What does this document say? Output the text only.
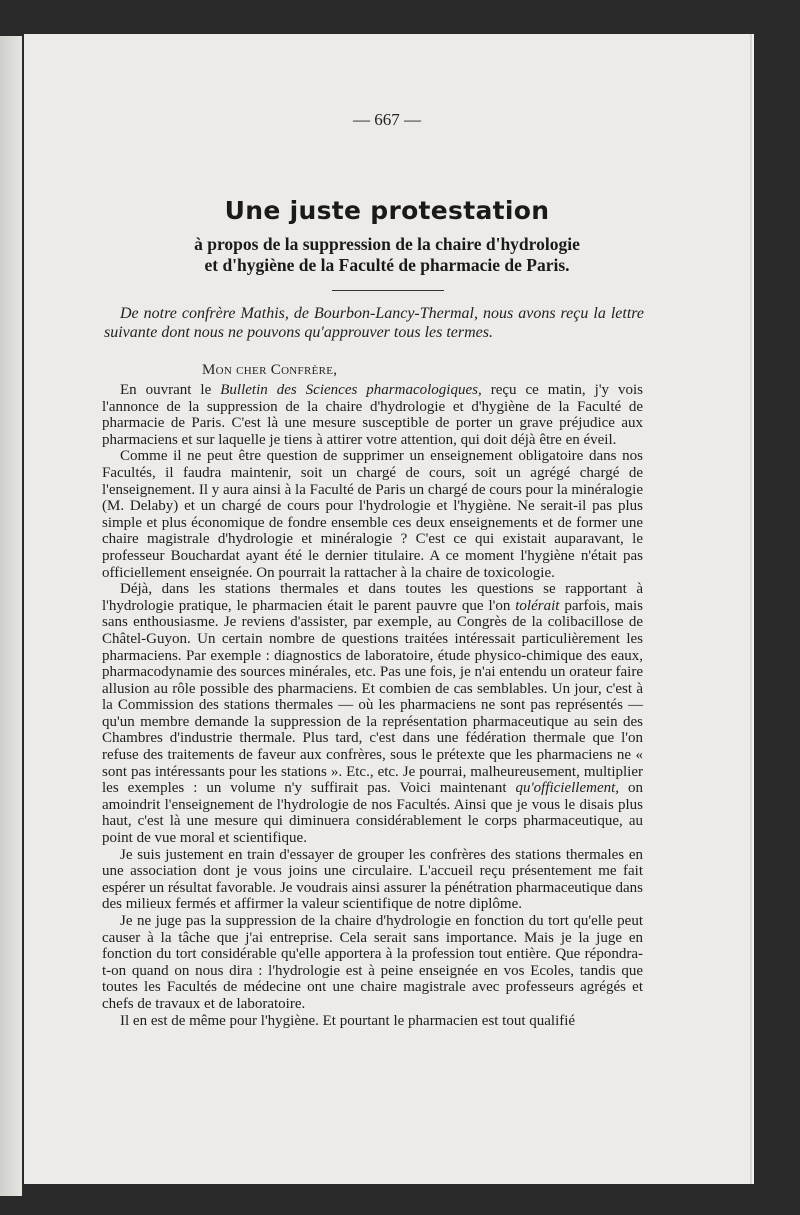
— 667 —
Une juste protestation
à propos de la suppression de la chaire d'hydrologie
et d'hygiène de la Faculté de pharmacie de Paris.
De notre confrère Mathis, de Bourbon-Lancy-Thermal, nous avons reçu la lettre suivante dont nous ne pouvons qu'approuver tous les termes.
Mon cher Confrère,

En ouvrant le Bulletin des Sciences pharmacologiques, reçu ce matin, j'y vois l'annonce de la suppression de la chaire d'hydrologie et d'hygiène de la Faculté de pharmacie de Paris. C'est là une mesure susceptible de porter un grave préjudice aux pharmaciens et sur laquelle je tiens à attirer votre attention, qui doit déjà être en éveil.

Comme il ne peut être question de supprimer un enseignement obligatoire dans nos Facultés, il faudra maintenir, soit un chargé de cours, soit un agrégé chargé de l'enseignement. Il y aura ainsi à la Faculté de Paris un chargé de cours pour la minéralogie (M. Delaby) et un chargé de cours pour l'hydrologie et l'hygiène. Ne serait-il pas plus simple et plus économique de fondre ensemble ces deux enseignements et de former une chaire magistrale d'hydrologie et minéralogie ? C'est ce qui existait auparavant, le professeur Bouchardat ayant été le dernier titulaire. A ce moment l'hygiène n'était pas officiellement enseignée. On pourrait la rattacher à la chaire de toxicologie.

Déjà, dans les stations thermales et dans toutes les questions se rapportant à l'hydrologie pratique, le pharmacien était le parent pauvre que l'on tolérait parfois, mais sans enthousiasme. Je reviens d'assister, par exemple, au Congrès de la colibacillose de Châtel-Guyon. Un certain nombre de questions traitées intéressait particulièrement les pharmaciens. Par exemple : diagnostics de laboratoire, étude physico-chimique des eaux, pharmacodynamie des sources minérales, etc. Pas une fois, je n'ai entendu un orateur faire allusion au rôle possible des pharmaciens. Et combien de cas semblables. Un jour, c'est à la Commission des stations thermales — où les pharmaciens ne sont pas représentés — qu'un membre demande la suppression de la représentation pharmaceutique au sein des Chambres d'industrie thermale. Plus tard, c'est dans une fédération thermale que l'on refuse des traitements de faveur aux confrères, sous le prétexte que les pharmaciens ne « sont pas intéressants pour les stations ». Etc., etc. Je pourrai, malheureusement, multiplier les exemples : un volume n'y suffirait pas. Voici maintenant qu'officiellement, on amoindrit l'enseignement de l'hydrologie de nos Facultés. Ainsi que je vous le disais plus haut, c'est là une mesure qui diminuera considérablement le corps pharmaceutique, au point de vue moral et scientifique.

Je suis justement en train d'essayer de grouper les confrères des stations thermales en une association dont je vous joins une circulaire. L'accueil reçu présentement me fait espérer un résultat favorable. Je voudrais ainsi assurer la pénétration pharmaceutique dans des milieux fermés et affirmer la valeur scientifique de notre diplôme.

Je ne juge pas la suppression de la chaire d'hydrologie en fonction du tort qu'elle peut causer à la tâche que j'ai entreprise. Cela serait sans importance. Mais je la juge en fonction du tort considérable qu'elle apportera à la profession tout entière. Que répondra-t-on quand on nous dira : l'hydrologie est à peine enseignée en vos Ecoles, tandis que toutes les Facultés de médecine ont une chaire magistrale avec professeurs agrégés et chefs de travaux et de laboratoire.

Il en est de même pour l'hygiène. Et pourtant le pharmacien est tout qualifié
